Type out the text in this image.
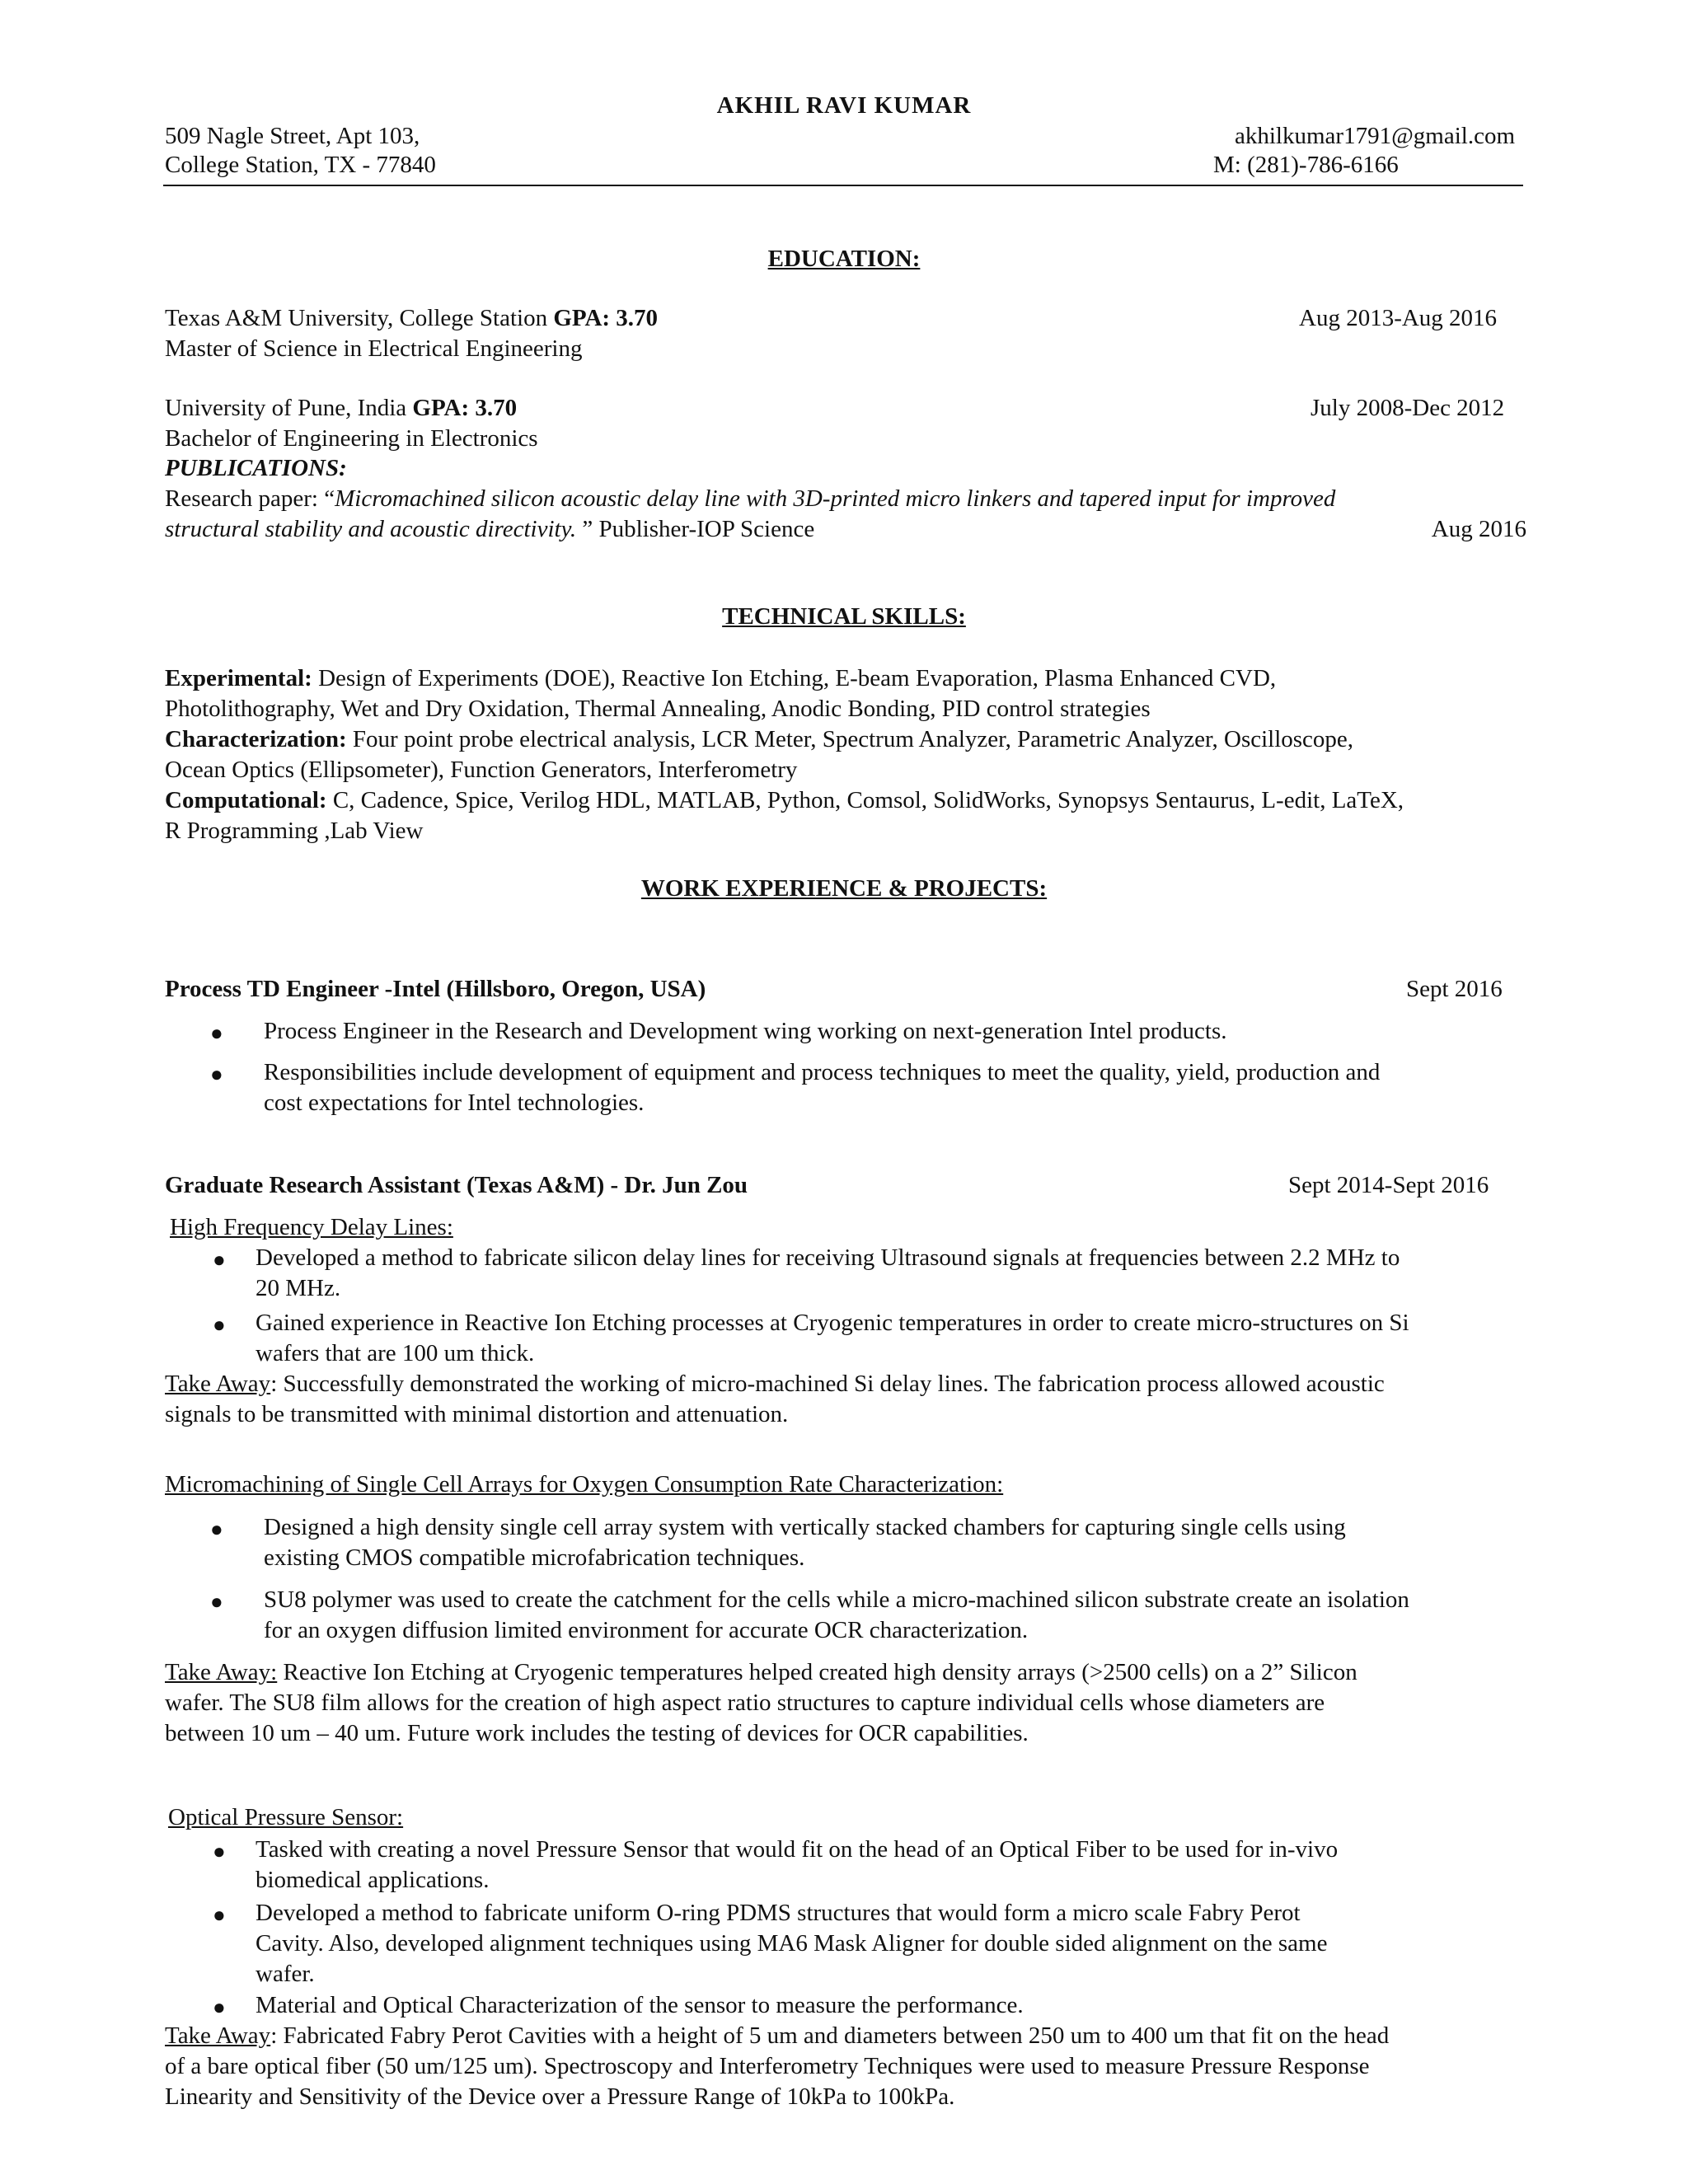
AKHIL RAVI KUMAR
509 Nagle Street, Apt 103,
College Station, TX - 77840
akhilkumar1791@gmail.com
M: (281)-786-6166
EDUCATION:
Texas A&M University, College Station GPA: 3.70	Aug 2013-Aug 2016
Master of Science in Electrical Engineering
University of Pune, India GPA: 3.70	July 2008-Dec 2012
Bachelor of Engineering in Electronics
PUBLICATIONS:
Research paper: “Micromachined silicon acoustic delay line with 3D-printed micro linkers and tapered input for improved
structural stability and acoustic directivity. ” Publisher-IOP Science	Aug 2016
TECHNICAL SKILLS:
Experimental: Design of Experiments (DOE), Reactive Ion Etching, E-beam Evaporation, Plasma Enhanced CVD,
Photolithography, Wet and Dry Oxidation, Thermal Annealing, Anodic Bonding, PID control strategies
Characterization: Four point probe electrical analysis, LCR Meter, Spectrum Analyzer, Parametric Analyzer, Oscilloscope,
Ocean Optics (Ellipsometer), Function Generators, Interferometry
Computational: C, Cadence, Spice, Verilog HDL, MATLAB, Python, Comsol, SolidWorks, Synopsys Sentaurus, L-edit, LaTeX,
R Programming ,Lab View
WORK EXPERIENCE & PROJECTS:
Process TD Engineer -Intel (Hillsboro, Oregon, USA)	Sept 2016
● Process Engineer in the Research and Development wing working on next-generation Intel products.
● Responsibilities include development of equipment and process techniques to meet the quality, yield, production and
cost expectations for Intel technologies.
Graduate Research Assistant (Texas A&M) - Dr. Jun Zou	Sept 2014-Sept 2016
High Frequency Delay Lines:
● Developed a method to fabricate silicon delay lines for receiving Ultrasound signals at frequencies between 2.2 MHz to
20 MHz.
● Gained experience in Reactive Ion Etching processes at Cryogenic temperatures in order to create micro-structures on Si
wafers that are 100 um thick.
Take Away: Successfully demonstrated the working of micro-machined Si delay lines. The fabrication process allowed acoustic
signals to be transmitted with minimal distortion and attenuation.
Micromachining of Single Cell Arrays for Oxygen Consumption Rate Characterization:
● Designed a high density single cell array system with vertically stacked chambers for capturing single cells using
existing CMOS compatible microfabrication techniques.
● SU8 polymer was used to create the catchment for the cells while a micro-machined silicon substrate create an isolation
for an oxygen diffusion limited environment for accurate OCR characterization.
Take Away: Reactive Ion Etching at Cryogenic temperatures helped created high density arrays (>2500 cells) on a 2” Silicon
wafer. The SU8 film allows for the creation of high aspect ratio structures to capture individual cells whose diameters are
between 10 um – 40 um. Future work includes the testing of devices for OCR capabilities.
Optical Pressure Sensor:
● Tasked with creating a novel Pressure Sensor that would fit on the head of an Optical Fiber to be used for in-vivo
biomedical applications.
● Developed a method to fabricate uniform O-ring PDMS structures that would form a micro scale Fabry Perot
Cavity. Also, developed alignment techniques using MA6 Mask Aligner for double sided alignment on the same
wafer.
● Material and Optical Characterization of the sensor to measure the performance.
Take Away: Fabricated Fabry Perot Cavities with a height of 5 um and diameters between 250 um to 400 um that fit on the head
of a bare optical fiber (50 um/125 um). Spectroscopy and Interferometry Techniques were used to measure Pressure Response
Linearity and Sensitivity of the Device over a Pressure Range of 10kPa to 100kPa.
